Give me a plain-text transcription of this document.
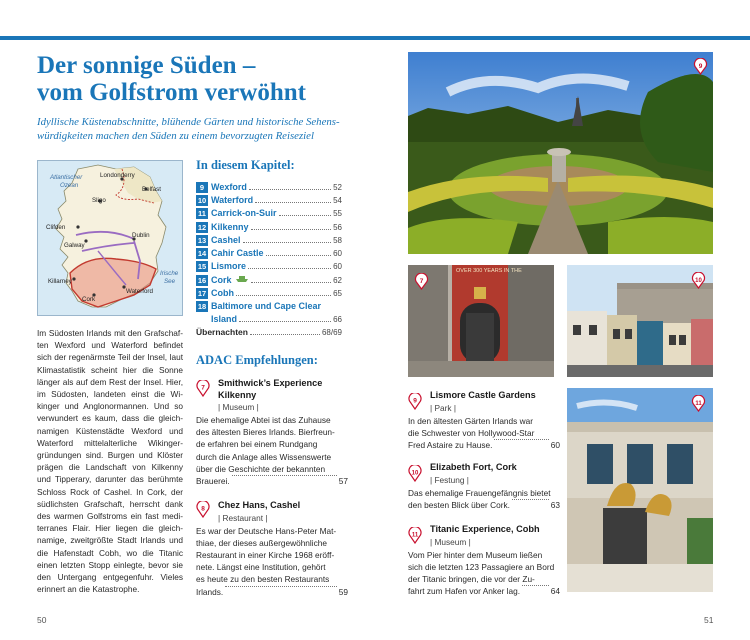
Der sonnige Süden –
vom Golfstrom verwöhnt
Idyllische Küstenabschnitte, blühende Gärten und historische Sehens-
würdigkeiten machen den Süden zu einem bevorzugten Reiseziel
Atlantischer
Ozean
Londonderry
Belfast
Sligo
Clifden
Galway
Dublin
Irische
See
Killarney
Waterford
Cork
Im Südosten Irlands mit den Grafschaf-
ten Wexford und Waterford befindet
sich der regenärmste Teil der Insel, laut
Klimastatistik scheint hier die Sonne
länger als auf dem Rest der Insel. Hier,
im Südosten, landeten einst die Wi-
kinger und Anglonormannen. Und so
verwundert es kaum, dass die gleich-
namigen Küstenstädte Wexford und
Waterford mittelalterliche Wikinger-
gründungen sind. Burgen und Klöster
prägen die Landschaft von Kilkenny
und Tipperary, darunter das berühmte
Schloss Rock of Cashel. In Cork, der
südlichsten Grafschaft, herrscht dank
des warmen Golfstroms ein fast medi-
terranes Flair. Hier liegen die gleich-
namige, zweitgrößte Stadt Irlands und
die Hafenstadt Cobh, wo die Titanic
einen letzten Stopp einlegte, bevor sie
den Untergang entgegenfuhr. Vieles
erinnert an die Katastrophe.
In diesem Kapitel:
9 Wexford	52
10 Waterford	54
11 Carrick-on-Suir	55
12 Kilkenny	56
13 Cashel	58
14 Cahir Castle	60
15 Lismore	60
16 Cork	62
17 Cobh	65
18 Baltimore und Cape Clear
Island	66
Übernachten	68/69
ADAC Empfehlungen:
7	Smithwick’s Experience
Kilkenny
| Museum |
Die ehemalige Abtei ist das Zuhause
des ältesten Bieres Irlands. Bierfreun-
de erfahren bei einem Rundgang
durch die Anlage alles Wissenswerte
über die Geschichte der bekannten
Brauerei.	57
8	Chez Hans, Cashel
| Restaurant |
Es war der Deutsche Hans-Peter Mat-
thiae, der dieses außergewöhnliche
Restaurant in einer Kirche 1968 eröff-
nete. Längst eine Institution, gehört
es heute zu den besten Restaurants
Irlands.	59
9
Lismore Castle Gardens
| Park |
In den ältesten Gärten Irlands war
die Schwester von Hollywood-Star
Fred Astaire zu Hause.	60
10
Elizabeth Fort, Cork
| Festung |
Das ehemalige Frauengefängnis bietet
den besten Blick über Cork.	63
11
Titanic Experience, Cobh
| Museum |
Vom Pier hinter dem Museum ließen
sich die letzten 123 Passagiere an Bord
der Titanic bringen, die vor der Zu-
fahrt zum Hafen vor Anker lag.	64
9
OVER 300 YEARS IN THE
7	10
11
50	51
